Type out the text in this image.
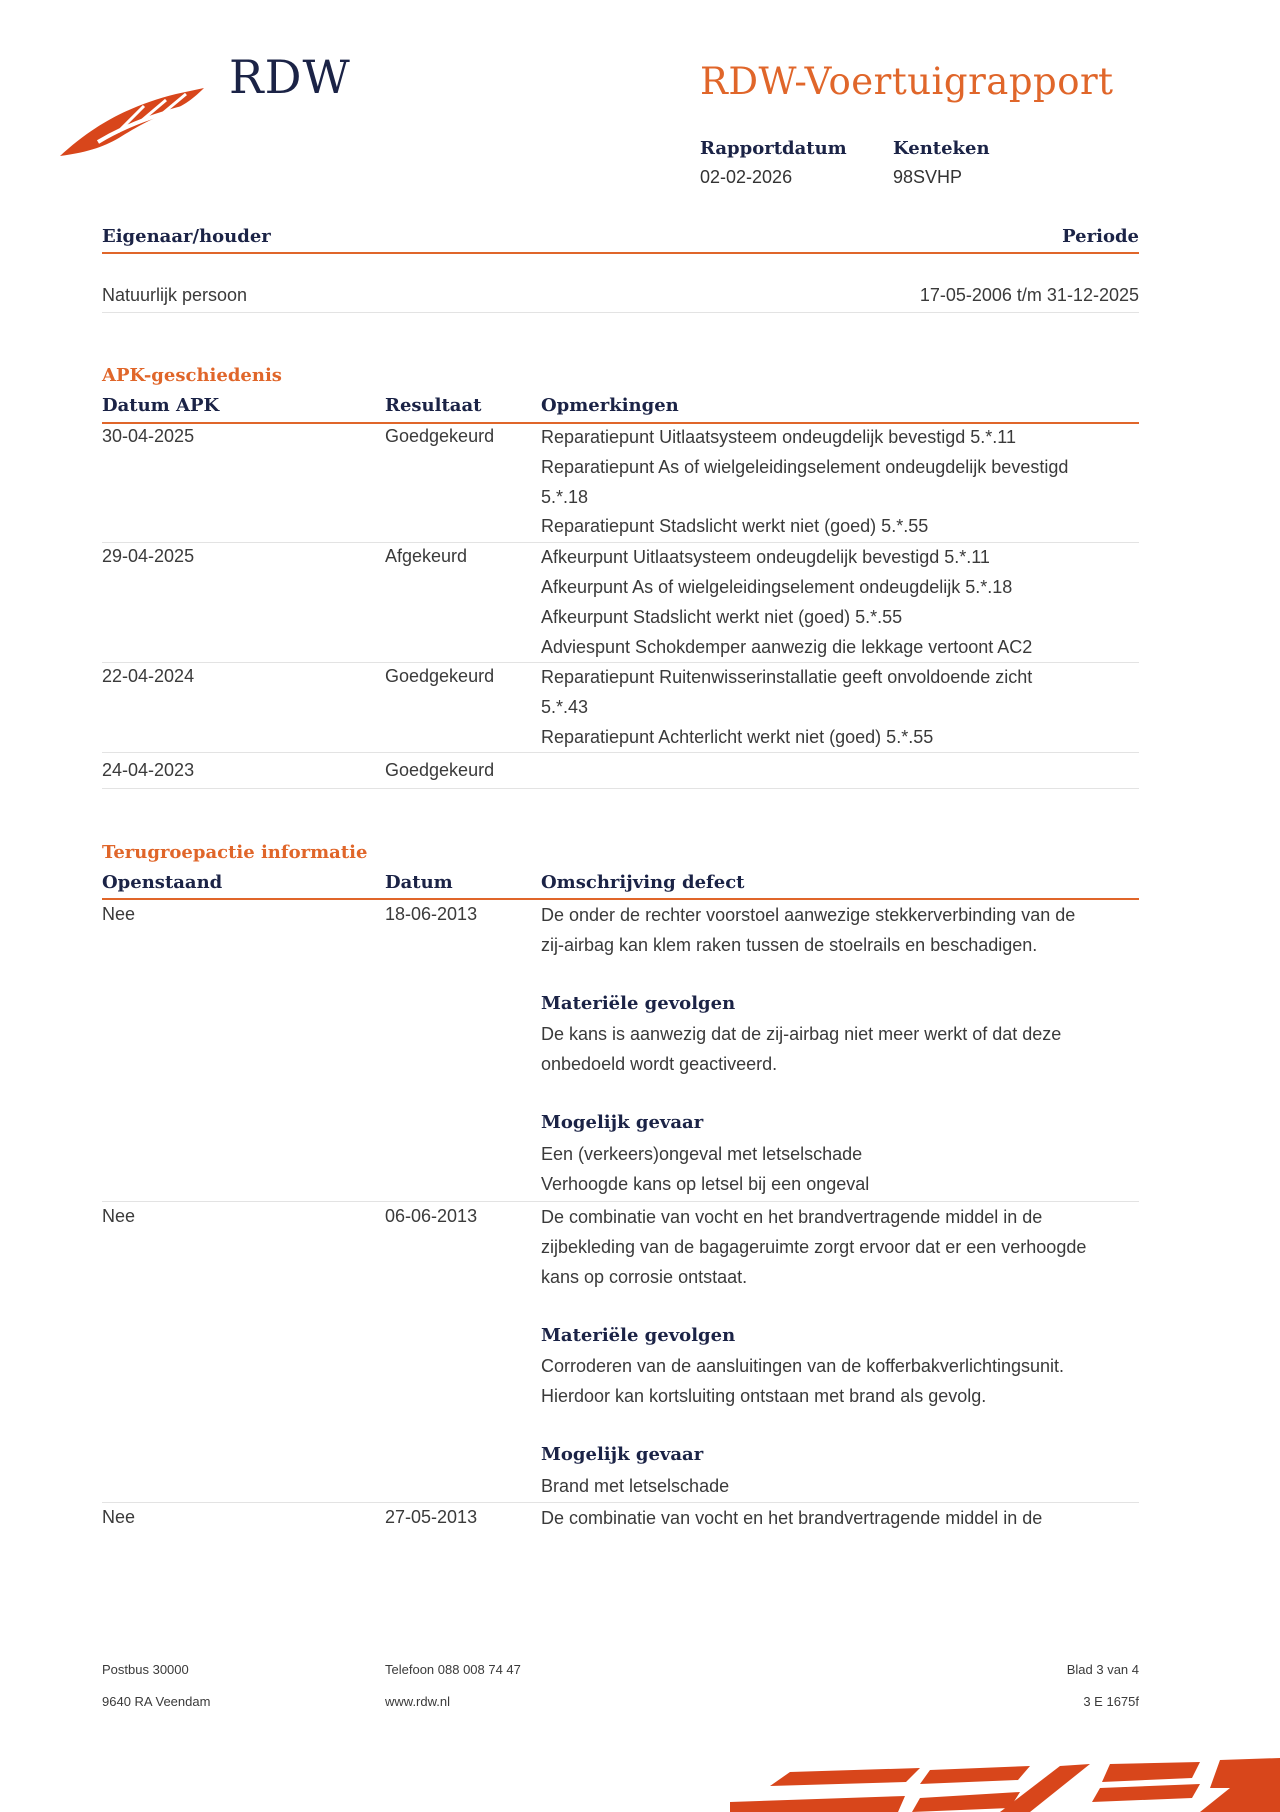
RDW	RDW-Voertuigrapport
Rapportdatum
02-02-2026
Kenteken
98SVHP
Eigenaar/houder	Periode
Natuurlijk persoon	17-05-2006 t/m 31-12-2025
APK-geschiedenis
Datum APK	Resultaat	Opmerkingen
30-04-2025	Goedgekeurd	Reparatiepunt Uitlaatsysteem ondeugdelijk bevestigd 5.*.11
Reparatiepunt As of wielgeleidingselement ondeugdelijk bevestigd
5.*.18
Reparatiepunt Stadslicht werkt niet (goed) 5.*.55
29-04-2025	Afgekeurd	Afkeurpunt Uitlaatsysteem ondeugdelijk bevestigd 5.*.11
Afkeurpunt As of wielgeleidingselement ondeugdelijk 5.*.18
Afkeurpunt Stadslicht werkt niet (goed) 5.*.55
Adviespunt Schokdemper aanwezig die lekkage vertoont AC2
22-04-2024	Goedgekeurd	Reparatiepunt Ruitenwisserinstallatie geeft onvoldoende zicht
5.*.43
Reparatiepunt Achterlicht werkt niet (goed) 5.*.55
24-04-2023	Goedgekeurd
Terugroepactie informatie
Openstaand	Datum	Omschrijving defect
Nee	18-06-2013	De onder de rechter voorstoel aanwezige stekkerverbinding van de
zij-airbag kan klem raken tussen de stoelrails en beschadigen.
Materiële gevolgen
De kans is aanwezig dat de zij-airbag niet meer werkt of dat deze
onbedoeld wordt geactiveerd.
Mogelijk gevaar
Een (verkeers)ongeval met letselschade
Verhoogde kans op letsel bij een ongeval
Nee	06-06-2013	De combinatie van vocht en het brandvertragende middel in de
zijbekleding van de bagageruimte zorgt ervoor dat er een verhoogde
kans op corrosie ontstaat.
Materiële gevolgen
Corroderen van de aansluitingen van de kofferbakverlichtingsunit.
Hierdoor kan kortsluiting ontstaan met brand als gevolg.
Mogelijk gevaar
Brand met letselschade
Nee	27-05-2013	De combinatie van vocht en het brandvertragende middel in de
Postbus 30000
9640 RA Veendam
Telefoon 088 008 74 47
www.rdw.nl
Blad 3 van 4
3 E 1675f
